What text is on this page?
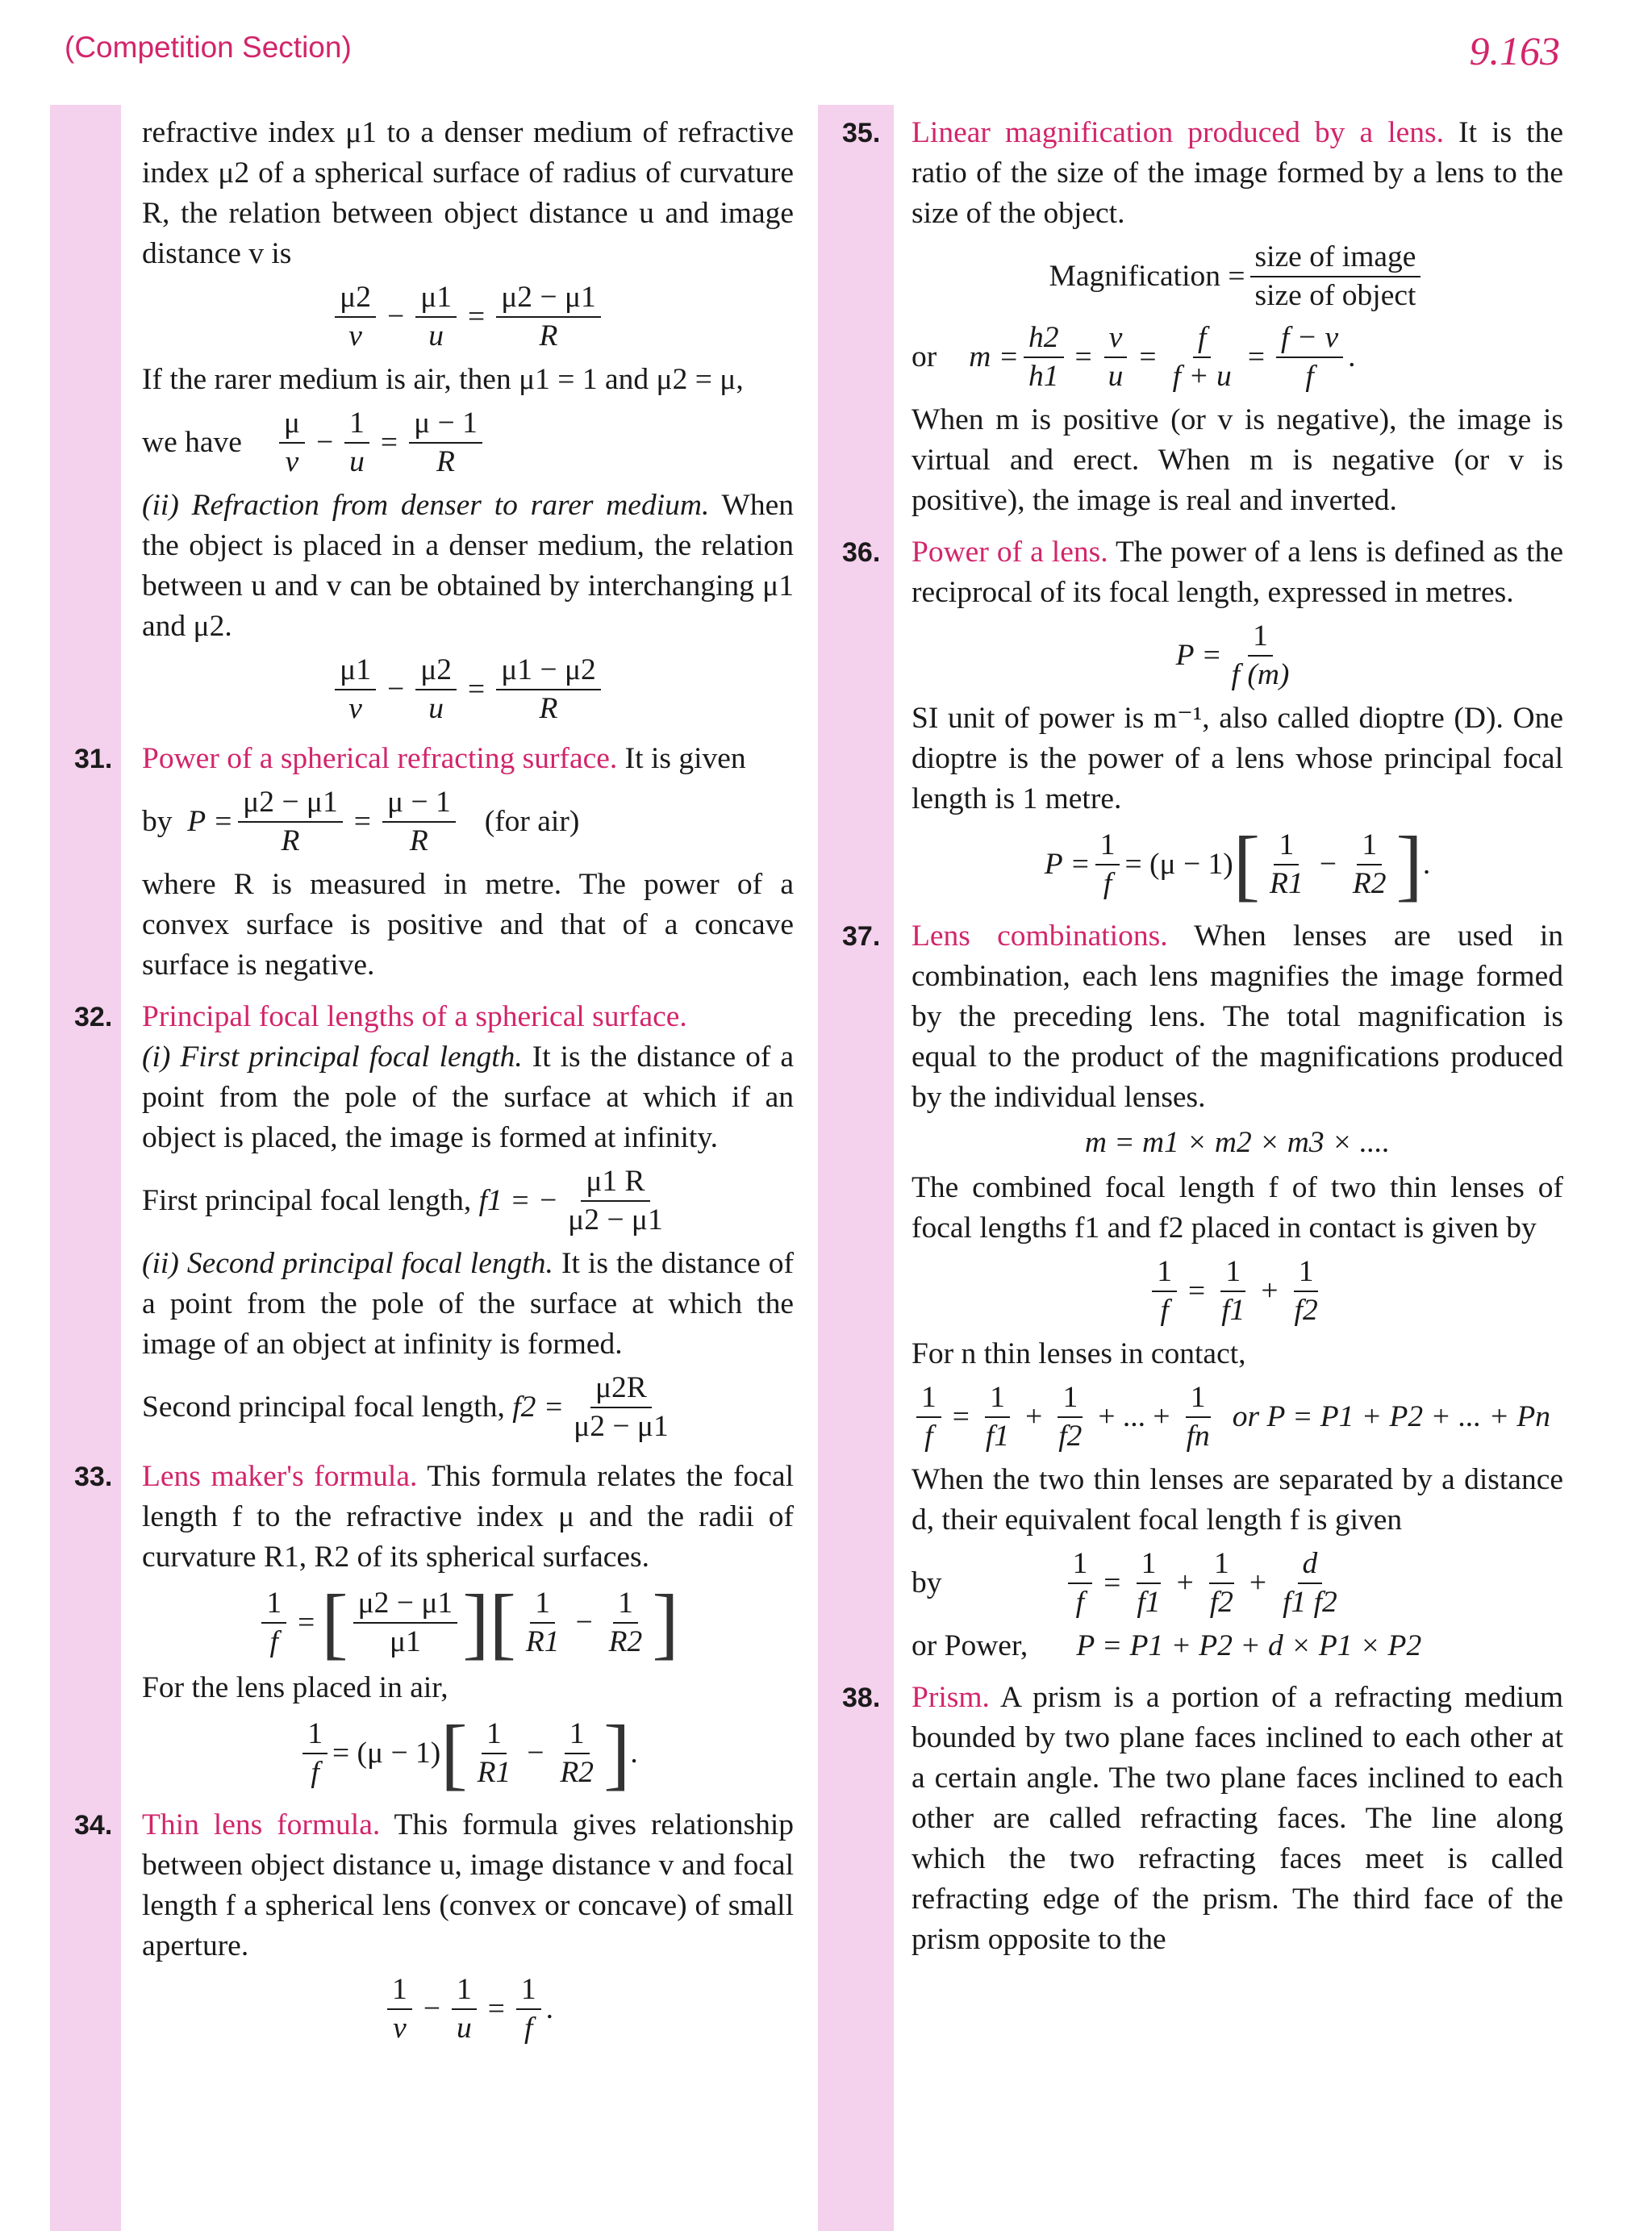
(Competition Section)	9.163

refractive index μ1 to a denser medium of refractive index μ2 of a spherical surface of radius of curvature R, the relation between object distance u and image distance v is

$\frac{\mu 2}{v} - \frac{\mu 1}{u} = \frac{\mu 2 - \mu 1}{R}$

If the rarer medium is air, then μ1 = 1 and μ2 = μ,

we have $\frac{\mu}{v} - \frac{1}{u} = \frac{\mu - 1}{R}$

(ii) Refraction from denser to rarer medium. When the object is placed in a denser medium, the relation between u and v can be obtained by interchanging μ1 and μ2.

$\frac{\mu 1}{v} - \frac{\mu 2}{u} = \frac{\mu 1 - \mu 2}{R}$
31. Power of a spherical refracting surface. It is given

by
$P = \frac{\mu 2 - \mu 1}{R} = \frac{\mu - 1}{R} (for$ air)

where R is measured in metre. The power of a convex surface is positive and that of a concave surface is negative.

32. Principal focal lengths of a spherical surface.

(i) First principal focal length. It is the distance of a point from the pole of the surface at which if an object is placed, the image is formed at infinity.

First principal focal length,
f1 = − $\frac{\mu 1 R}{\mu 2 - \mu 1}$

(ii) Second principal focal length. It is the distance of a point from the pole of the surface at which the image of an object at infinity is formed.

Second principal focal length,
$f2 = \frac{\mu 2R}{\mu 2 - \mu 1}$
33. Lens maker's formula. This formula relates the focal length f to the refractive index μ and the radii of curvature R1, R2 of its spherical surfaces.

$\frac{1}{f}$ = [ $\frac{\mu 2 - \mu 1}{\mu 1}$ ] [ $\frac{1}{R1} - \frac{1}{R2}$ ]

For the lens placed in air,

$\frac{1}{f} = (\mu - 1)$ [ $\frac{1}{R1} - \frac{1}{R2}$ ] .
34. Thin lens formula. This formula gives relationship between object distance u, image distance v and focal length f a spherical lens (convex or concave) of small aperture.

$\frac{1}{v} - \frac{1}{u} = \frac{1}{f}$ .
35. Linear magnification produced by a lens. It is the ratio of the size of the image formed by a lens to the size of the object.

Magnification = $\frac{\text{size of image}}{\text{size of object}}$
or $m = \frac{h2}{h1} = \frac{v}{u} = \frac{f}{f + u} = \frac{f - v}{f}$ .

When m is positive (or v is negative), the image is virtual and erect. When m is negative (or v is positive), the image is real and inverted.

36. Power of a lens. The power of a lens is defined as the reciprocal of its focal length, expressed in metres.

$P = \frac{1}{f (m)}$

SI unit of power is m⁻¹, also called dioptre (D). One dioptre is the power of a lens whose principal focal length is 1 metre.

$P = \frac{1}{f} = (\mu - 1)$ [ $\frac{1}{R1} - \frac{1}{R2}$ ] .
37. Lens combinations. When lenses are used in combination, each lens magnifies the image formed by the preceding lens. The total magnification is equal to the product of the magnifications produced by the individual lenses.

m = m1 × m2 × m3 × ....

The combined focal length f of two thin lenses of focal lengths f1 and f2 placed in contact is given by

$\frac{1}{f} = \frac{1}{f1} + \frac{1}{f2}$

For n thin lenses in contact,

$\frac{1}{f} = \frac{1}{f1} + \frac{1}{f2}$ + ... + $\frac{1}{fn}$ or P = P1 + P2 + ... + Pn

When the two thin lenses are separated by a distance d, their equivalent focal length f is given

by	$\frac{1}{f} = \frac{1}{f1} + \frac{1}{f2} + \frac{d}{f1 f2}$
or Power, P = P1 + P2 + d × P1 × P2
38. Prism. A prism is a portion of a refracting medium bounded by two plane faces inclined to each other at a certain angle. The two plane faces inclined to each other are called refracting faces. The line along which the two refracting faces meet is called refracting edge of the prism. The third face of the prism opposite to the
